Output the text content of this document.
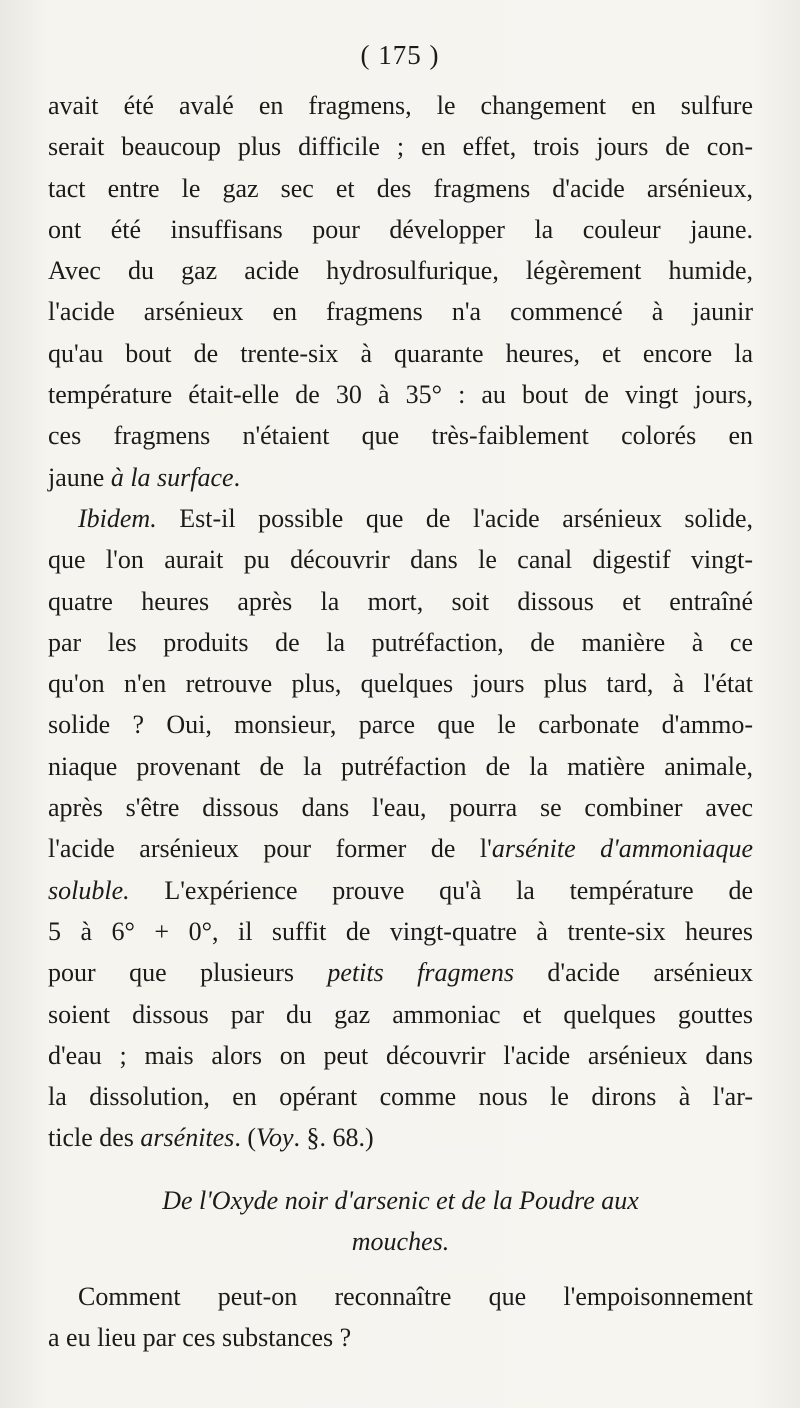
( 175 )
avait été avalé en fragmens, le changement en sulfure
serait beaucoup plus difficile ; en effet, trois jours de con-
tact entre le gaz sec et des fragmens d'acide arsénieux,
ont été insuffisans pour développer la couleur jaune.
Avec du gaz acide hydrosulfurique, légèrement humide,
l'acide arsénieux en fragmens n'a commencé à jaunir
qu'au bout de trente-six à quarante heures, et encore la
température était-elle de 30 à 35° : au bout de vingt jours,
ces fragmens n'étaient que très-faiblement colorés en
jaune à la surface.
Ibidem. Est-il possible que de l'acide arsénieux solide,
que l'on aurait pu découvrir dans le canal digestif vingt-
quatre heures après la mort, soit dissous et entraîné
par les produits de la putréfaction, de manière à ce
qu'on n'en retrouve plus, quelques jours plus tard, à l'état
solide ? Oui, monsieur, parce que le carbonate d'ammo-
niaque provenant de la putréfaction de la matière animale,
après s'être dissous dans l'eau, pourra se combiner avec
l'acide arsénieux pour former de l'arsénite d'ammoniaque
soluble. L'expérience prouve qu'à la température de
5 à 6° + 0°, il suffit de vingt-quatre à trente-six heures
pour que plusieurs petits fragmens d'acide arsénieux
soient dissous par du gaz ammoniac et quelques gouttes
d'eau ; mais alors on peut découvrir l'acide arsénieux dans
la dissolution, en opérant comme nous le dirons à l'ar-
ticle des arsénites. (Voy. §. 68.)
De l'Oxyde noir d'arsenic et de la Poudre aux
mouches.
Comment peut-on reconnaître que l'empoisonnement
a eu lieu par ces substances ?
